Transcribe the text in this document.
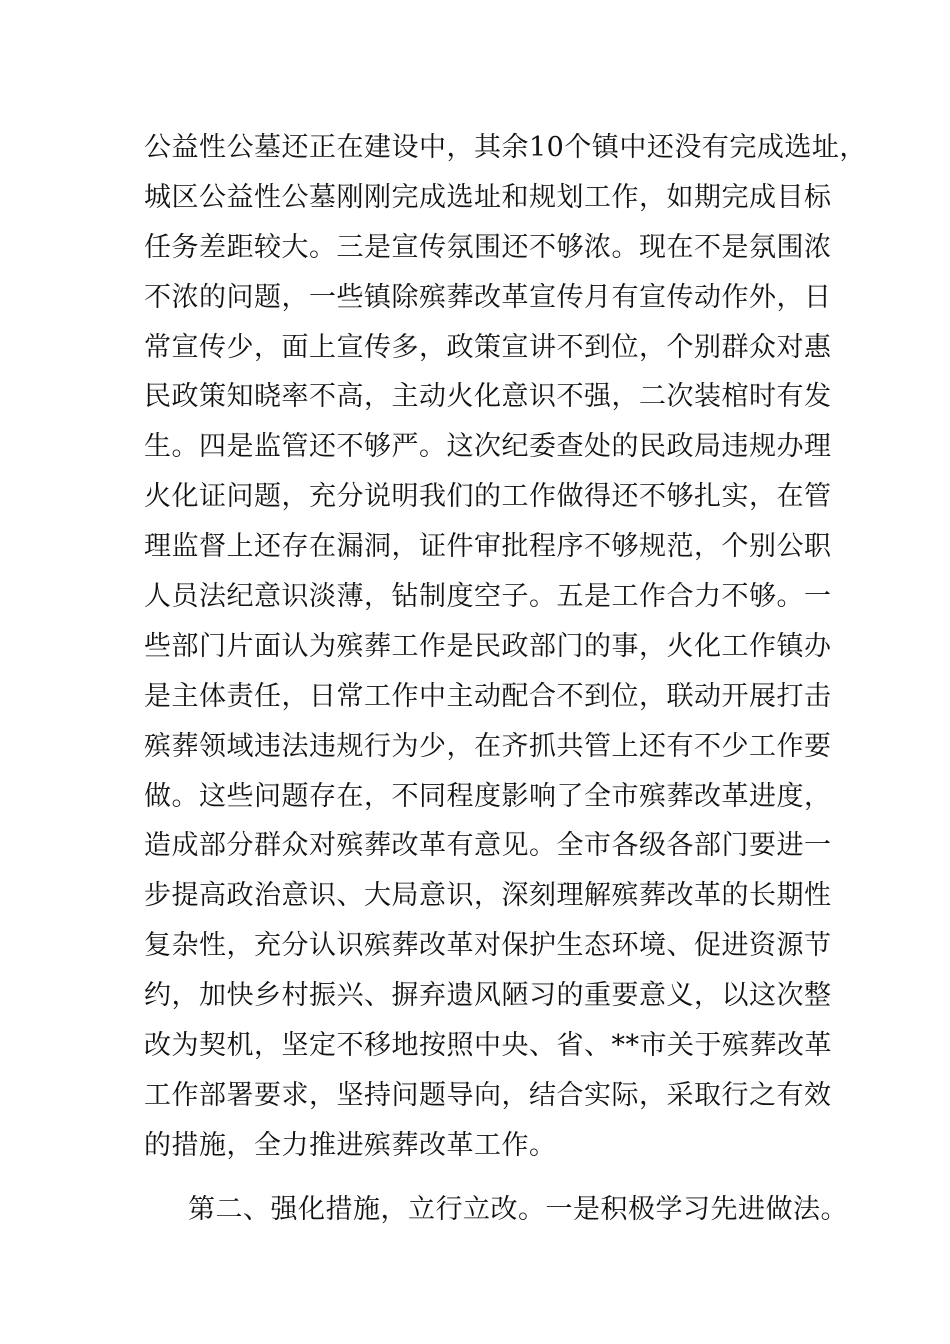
公益性公墓还正在建设中，其余10个镇中还没有完成选址，
城区公益性公墓刚刚完成选址和规划工作，如期完成目标
任务差距较大。三是宣传氛围还不够浓。现在不是氛围浓
不浓的问题，一些镇除殡葬改革宣传月有宣传动作外，日
常宣传少，面上宣传多，政策宣讲不到位，个别群众对惠
民政策知晓率不高，主动火化意识不强，二次装棺时有发
生。四是监管还不够严。这次纪委查处的民政局违规办理
火化证问题，充分说明我们的工作做得还不够扎实，在管
理监督上还存在漏洞，证件审批程序不够规范，个别公职
人员法纪意识淡薄，钻制度空子。五是工作合力不够。一
些部门片面认为殡葬工作是民政部门的事，火化工作镇办
是主体责任，日常工作中主动配合不到位，联动开展打击
殡葬领域违法违规行为少，在齐抓共管上还有不少工作要
做。这些问题存在，不同程度影响了全市殡葬改革进度，
造成部分群众对殡葬改革有意见。全市各级各部门要进一
步提高政治意识、大局意识，深刻理解殡葬改革的长期性
复杂性，充分认识殡葬改革对保护生态环境、促进资源节
约，加快乡村振兴、摒弃遗风陋习的重要意义，以这次整
改为契机，坚定不移地按照中央、省、**市关于殡葬改革
工作部署要求，坚持问题导向，结合实际，采取行之有效
的措施，全力推进殡葬改革工作。
第二、强化措施，立行立改。一是积极学习先进做法。
